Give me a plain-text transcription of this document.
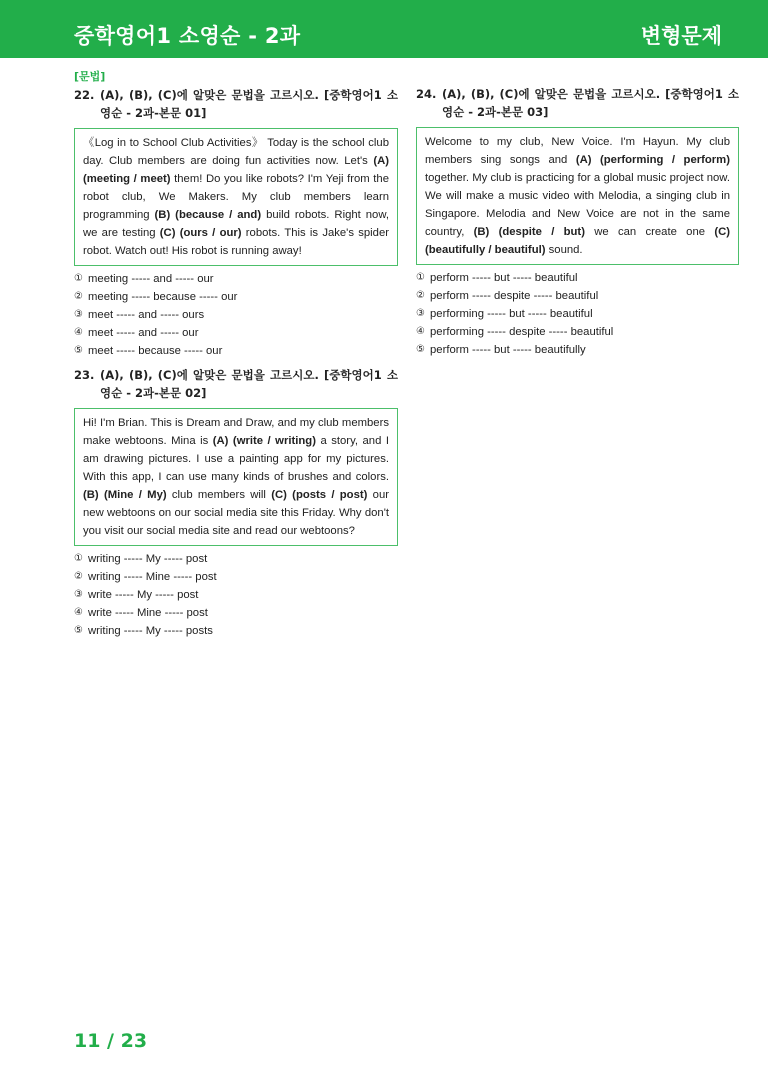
중학영어1 소영순 - 2과	변형문제
[문법]
22. (A), (B), (C)에 알맞은 문법을 고르시오. [중학영어1 소영순 - 2과-본문 01]
《Log in to School Club Activities》 Today is the school club day. Club members are doing fun activities now. Let's (A) (meeting / meet) them! Do you like robots? I'm Yeji from the robot club, We Makers. My club members learn programming (B) (because / and) build robots. Right now, we are testing (C) (ours / our) robots. This is Jake's spider robot. Watch out! His robot is running away!
① meeting ----- and ----- our
② meeting ----- because ----- our
③ meet ----- and ----- ours
④ meet ----- and ----- our
⑤ meet ----- because ----- our
23. (A), (B), (C)에 알맞은 문법을 고르시오. [중학영어1 소영순 - 2과-본문 02]
Hi! I'm Brian. This is Dream and Draw, and my club members make webtoons. Mina is (A) (write / writing) a story, and I am drawing pictures. I use a painting app for my pictures. With this app, I can use many kinds of brushes and colors. (B) (Mine / My) club members will (C) (posts / post) our new webtoons on our social media site this Friday. Why don't you visit our social media site and read our webtoons?
① writing ----- My ----- post
② writing ----- Mine ----- post
③ write ----- My ----- post
④ write ----- Mine ----- post
⑤ writing ----- My ----- posts
24. (A), (B), (C)에 알맞은 문법을 고르시오. [중학영어1 소영순 - 2과-본문 03]
Welcome to my club, New Voice. I'm Hayun. My club members sing songs and (A) (performing / perform) together. My club is practicing for a global music project now. We will make a music video with Melodia, a singing club in Singapore. Melodia and New Voice are not in the same country, (B) (despite / but) we can create one (C) (beautifully / beautiful) sound.
① perform ----- but ----- beautiful
② perform ----- despite ----- beautiful
③ performing ----- but ----- beautiful
④ performing ----- despite ----- beautiful
⑤ perform ----- but ----- beautifully
11 / 23
